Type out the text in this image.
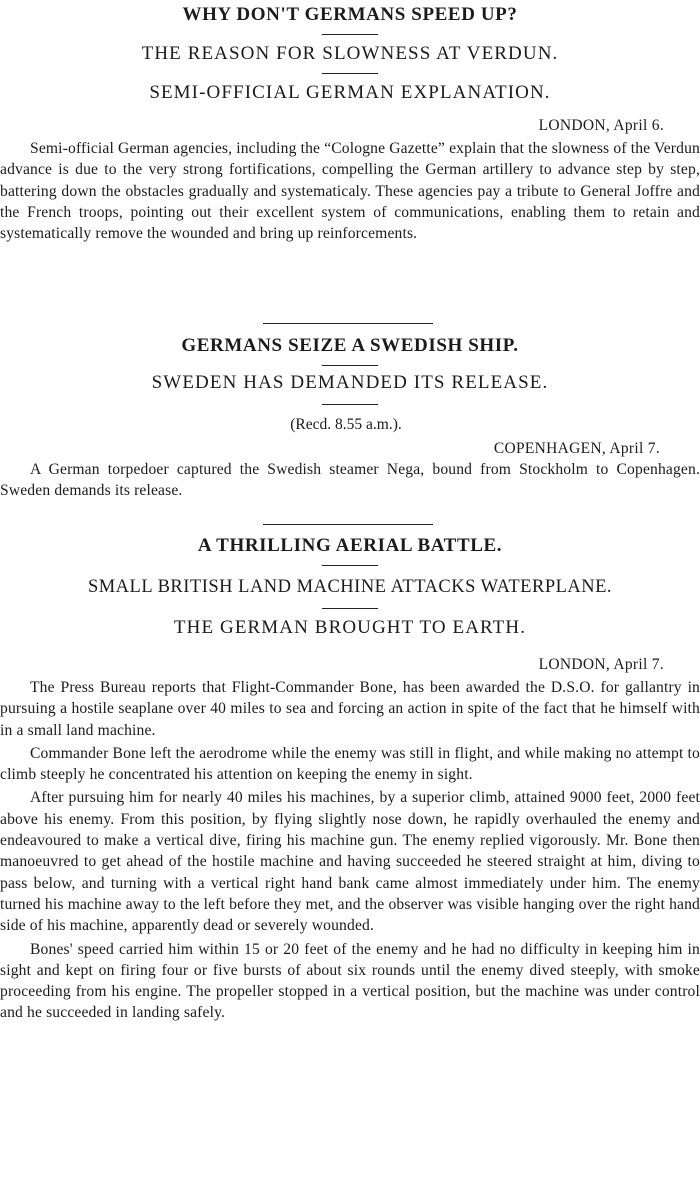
WHY DON'T GERMANS SPEED UP?
THE REASON FOR SLOWNESS AT VERDUN.
SEMI-OFFICIAL GERMAN EXPLANATION.

LONDON, April 6.

Semi-official German agencies, including the “Cologne Gazette” explain that the slowness of the Verdun advance is due to the very strong fortifications, compelling the German artillery to advance step by step, battering down the obstacles gradually and systematicaly. These agencies pay a tribute to General Joffre and the French troops, pointing out their excellent system of communications, enabling them to retain and systematically remove the wounded and bring up reinforcements.

GERMANS SEIZE A SWEDISH SHIP.
SWEDEN HAS DEMANDED ITS RELEASE.

(Recd. 8.55 a.m.).

COPENHAGEN, April 7.

A German torpedoer captured the Swedish steamer Nega, bound from Stockholm to Copenhagen. Sweden demands its release.

A THRILLING AERIAL BATTLE.
SMALL BRITISH LAND MACHINE ATTACKS WATERPLANE.
THE GERMAN BROUGHT TO EARTH.

LONDON, April 7.

The Press Bureau reports that Flight-Commander Bone, has been awarded the D.S.O. for gallantry in pursuing a hostile seaplane over 40 miles to sea and forcing an action in spite of the fact that he himself with in a small land machine.

Commander Bone left the aerodrome while the enemy was still in flight, and while making no attempt to climb steeply he concentrated his attention on keeping the enemy in sight.

After pursuing him for nearly 40 miles his machines, by a superior climb, attained 9000 feet, 2000 feet above his enemy. From this position, by flying slightly nose down, he rapidly overhauled the enemy and endeavoured to make a vertical dive, firing his machine gun. The enemy replied vigorously. Mr. Bone then manoeuvred to get ahead of the hostile machine and having succeeded he steered straight at him, diving to pass below, and turning with a vertical right hand bank came almost immediately under him. The enemy turned his machine away to the left before they met, and the observer was visible hanging over the right hand side of his machine, apparently dead or severely wounded.

Bones' speed carried him within 15 or 20 feet of the enemy and he had no difficulty in keeping him in sight and kept on firing four or five bursts of about six rounds until the enemy dived steeply, with smoke proceeding from his engine. The propeller stopped in a vertical position, but the machine was under control and he succeeded in landing safely.
